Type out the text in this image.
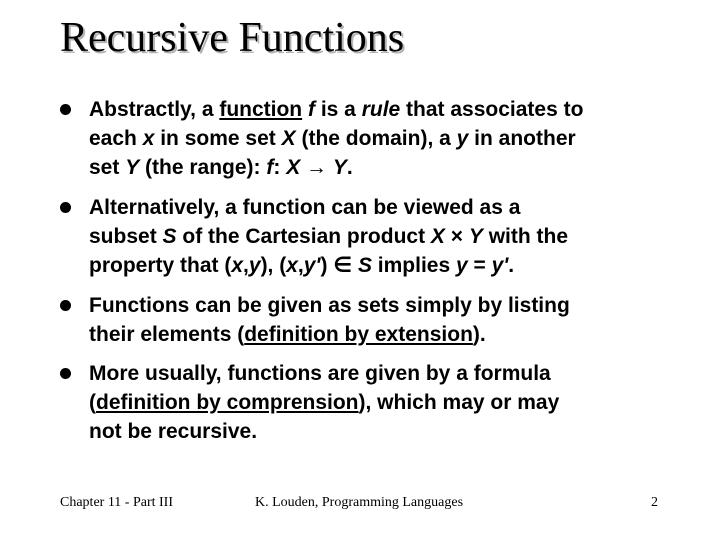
Recursive Functions
Abstractly, a function f is a rule that associates to
each x in some set X (the domain), a y in another
set Y (the range): f: X → Y.
Alternatively, a function can be viewed as a
subset S of the Cartesian product X × Y with the
property that (x,y), (x,y') ∈ S implies y = y'.
Functions can be given as sets simply by listing
their elements (definition by extension).
More usually, functions are given by a formula
(definition by comprension), which may or may
not be recursive.
Chapter 11 - Part III	K. Louden, Programming Languages	2
